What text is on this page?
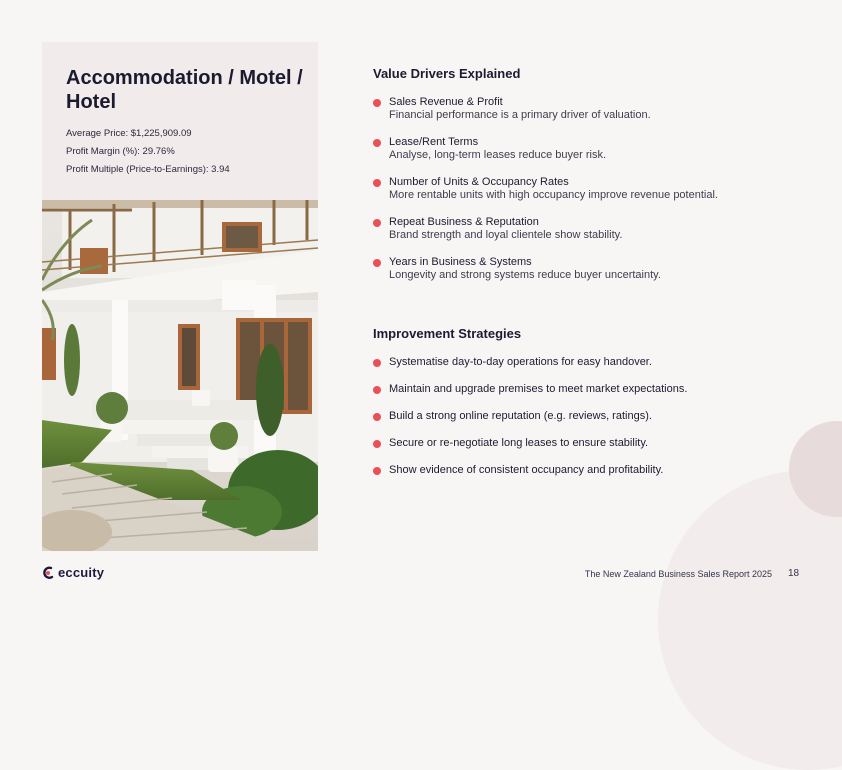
Accommodation / Motel / Hotel
Average Price: $1,225,909.09
Profit Margin (%): 29.76%
Profit Multiple (Price-to-Earnings): 3.94
Value Drivers Explained
Sales Revenue & Profit
Financial performance is a primary driver of valuation.
Lease/Rent Terms
Analyse, long-term leases reduce buyer risk.
Number of Units & Occupancy Rates
More rentable units with high occupancy improve revenue potential.
Repeat Business & Reputation
Brand strength and loyal clientele show stability.
Years in Business & Systems
Longevity and strong systems reduce buyer uncertainty.
Improvement Strategies
Systematise day-to-day operations for easy handover.
Maintain and upgrade premises to meet market expectations.
Build a strong online reputation (e.g. reviews, ratings).
Secure or re-negotiate long leases to ensure stability.
Show evidence of consistent occupancy and profitability.
eccuity	The New Zealand Business Sales Report 2025 18
